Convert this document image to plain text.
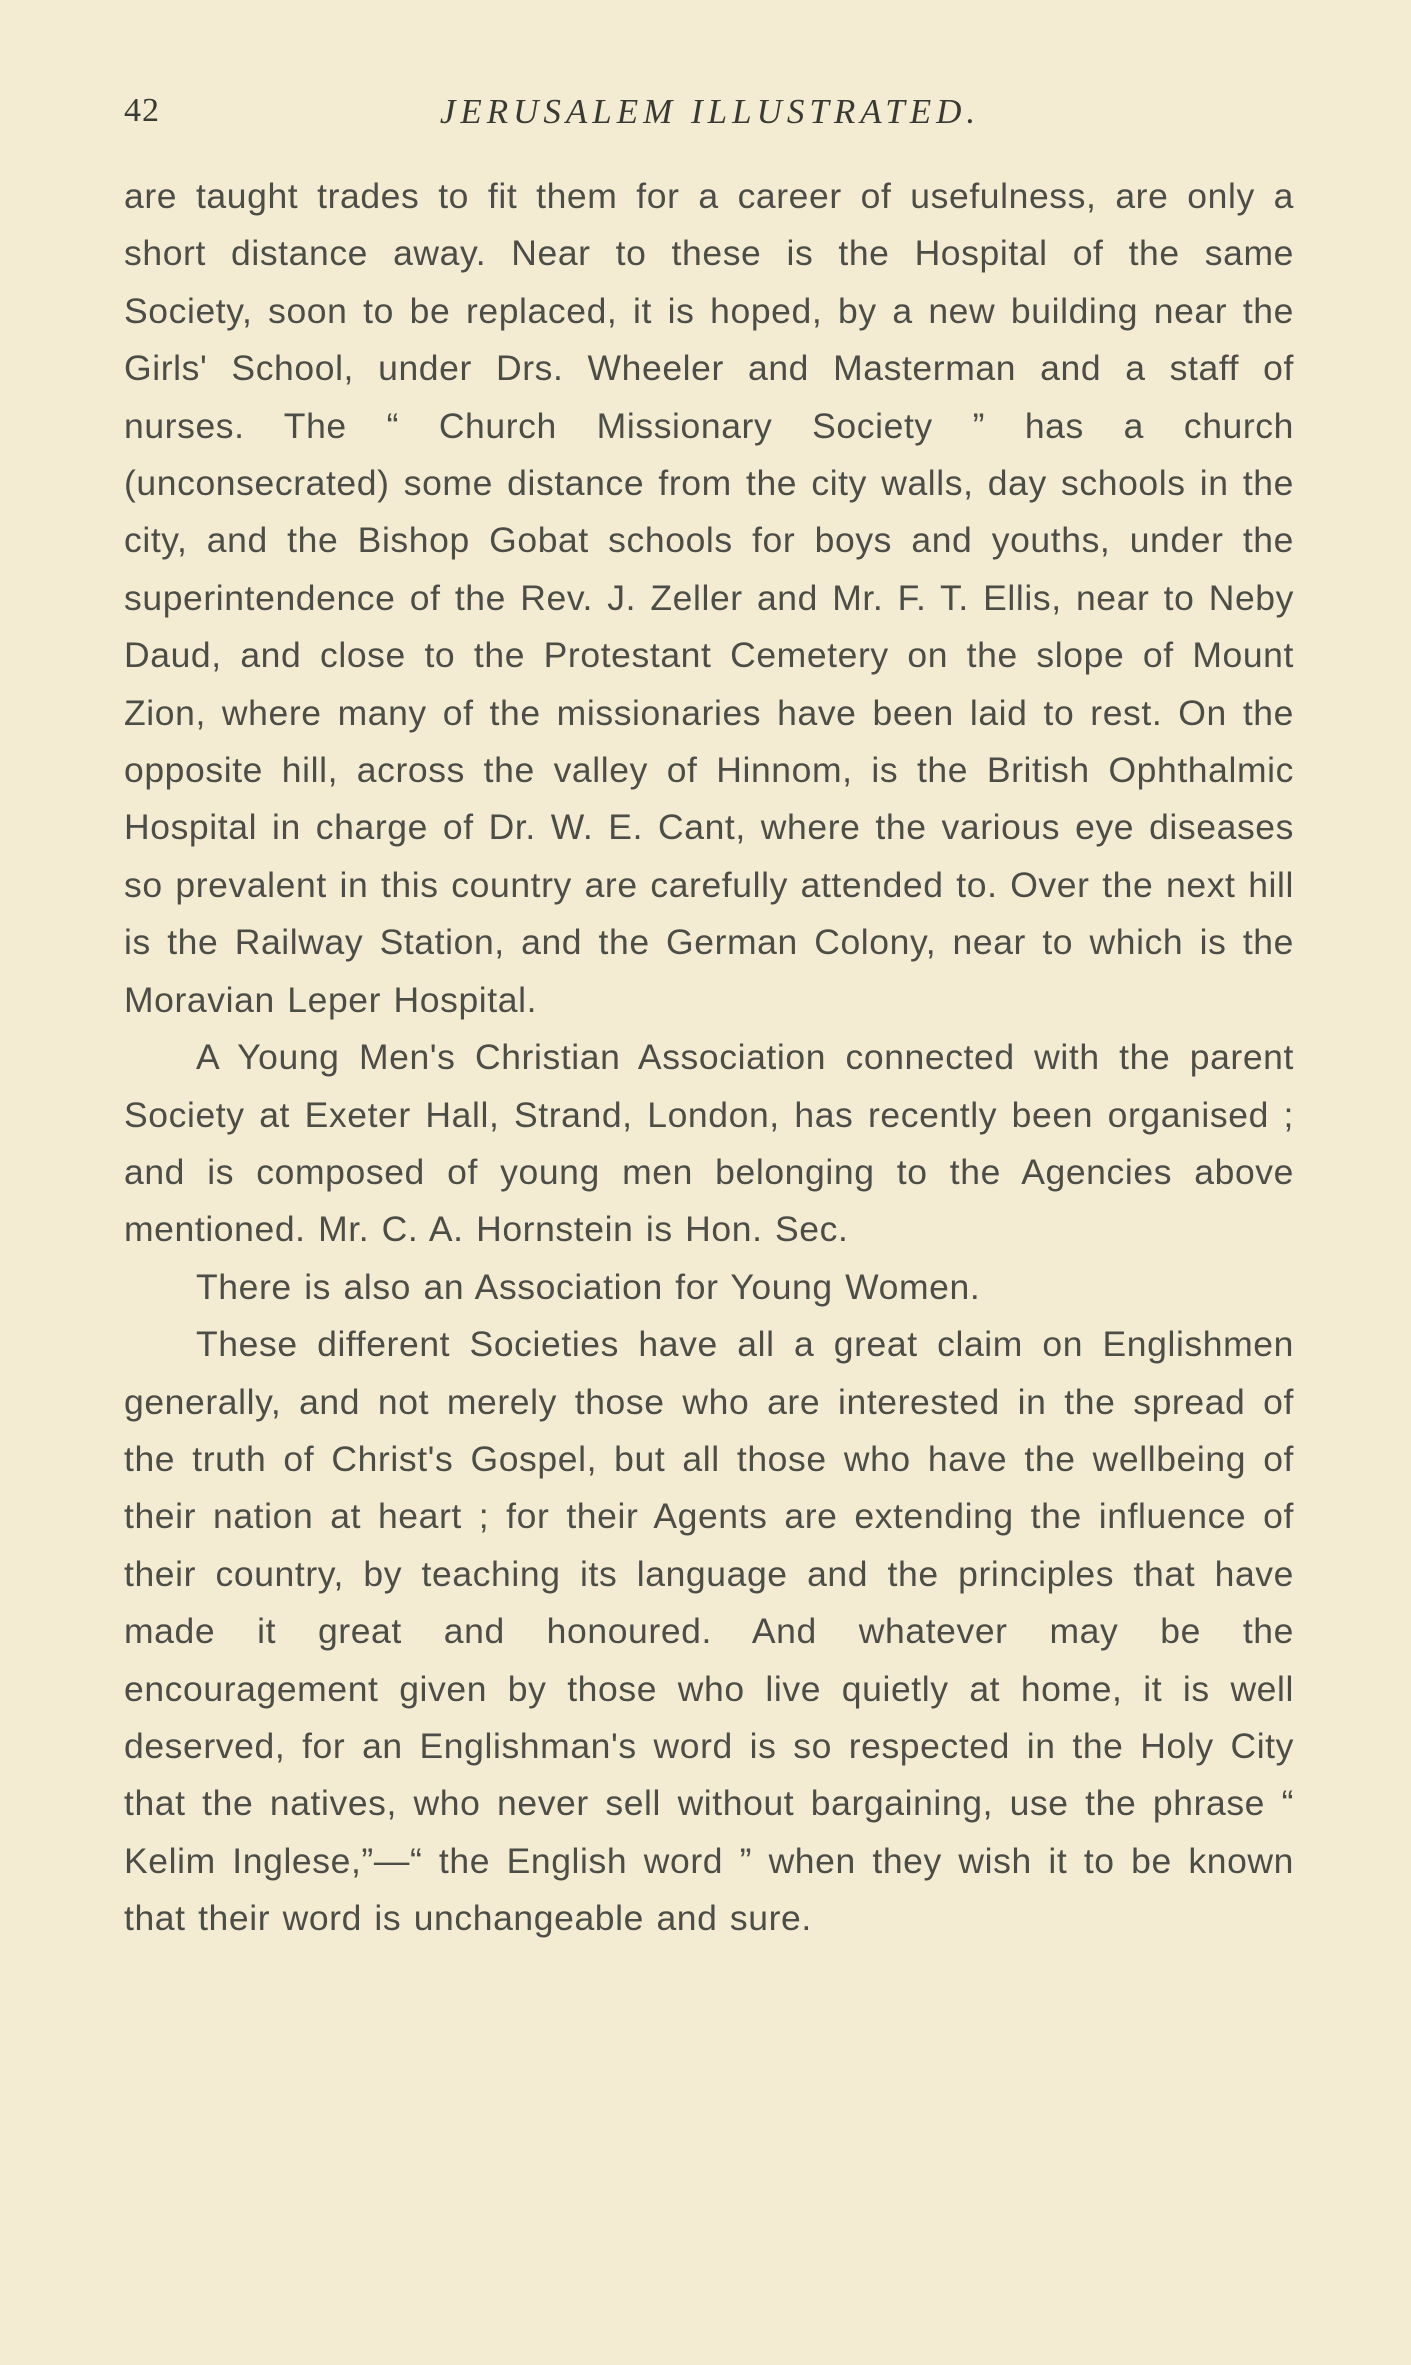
42	JERUSALEM ILLUSTRATED.

are taught trades to fit them for a career of usefulness, are only a short distance away. Near to these is the Hospital of the same Society, soon to be replaced, it is hoped, by a new building near the Girls' School, under Drs. Wheeler and Masterman and a staff of nurses. The “ Church Missionary Society ” has a church (unconsecrated) some distance from the city walls, day schools in the city, and the Bishop Gobat schools for boys and youths, under the superintendence of the Rev. J. Zeller and Mr. F. T. Ellis, near to Neby Daud, and close to the Protestant Cemetery on the slope of Mount Zion, where many of the missionaries have been laid to rest. On the opposite hill, across the valley of Hinnom, is the British Ophthalmic Hospital in charge of Dr. W. E. Cant, where the various eye diseases so prevalent in this country are carefully attended to. Over the next hill is the Railway Station, and the German Colony, near to which is the Moravian Leper Hospital.

A Young Men's Christian Association connected with the parent Society at Exeter Hall, Strand, London, has recently been organised ; and is composed of young men belonging to the Agencies above mentioned. Mr. C. A. Hornstein is Hon. Sec.

There is also an Association for Young Women.

These different Societies have all a great claim on Englishmen generally, and not merely those who are interested in the spread of the truth of Christ's Gospel, but all those who have the wellbeing of their nation at heart ; for their Agents are extending the influence of their country, by teaching its language and the principles that have made it great and honoured. And whatever may be the encouragement given by those who live quietly at home, it is well deserved, for an Englishman's word is so respected in the Holy City that the natives, who never sell without bargaining, use the phrase “ Kelim Inglese,”—“ the English word ” when they wish it to be known that their word is unchangeable and sure.
